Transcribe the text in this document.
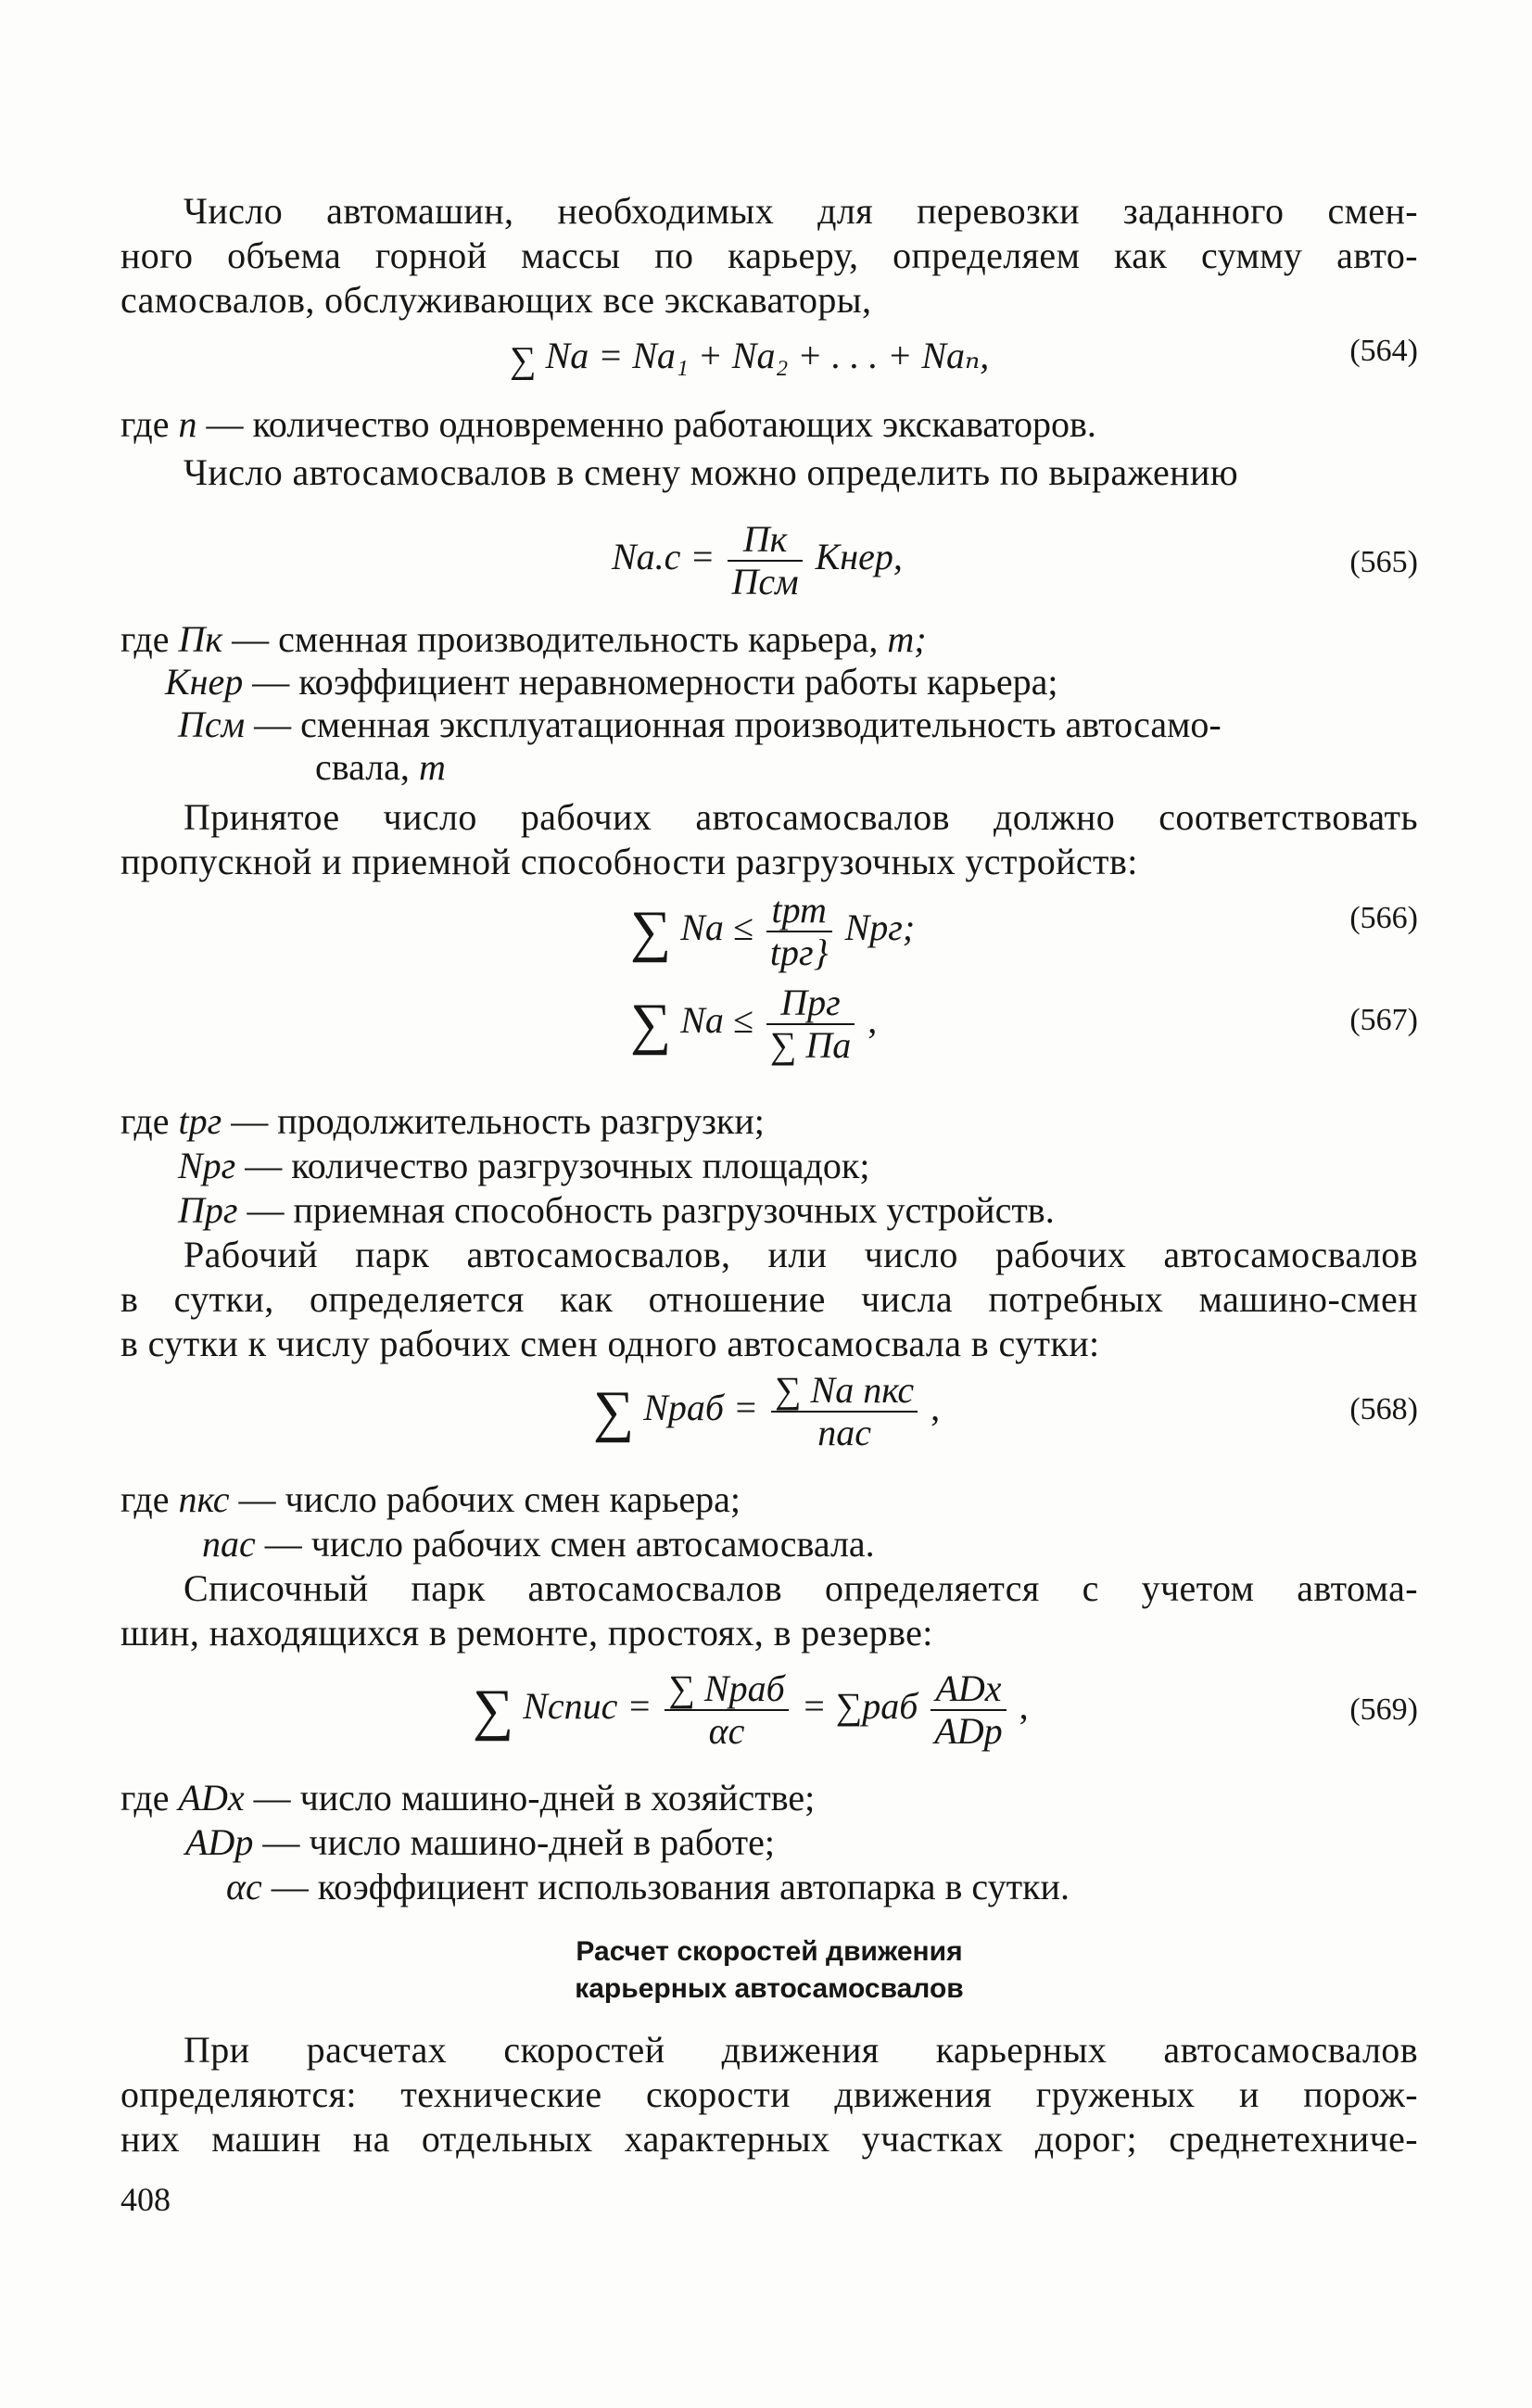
Число автомашин, необходимых для перевозки заданного смен-
ного объема горной массы по карьеру, определяем как сумму авто-
самосвалов, обслуживающих все экскаваторы,
∑ Nа = Nа₁ + Nа₂ + . . . + Nаₙ,	(564)
где n — количество одновременно работающих экскаваторов.
Число автосамосвалов в смену можно определить по выражению
$Nа.с = \frac{Пк}{\text{Псм}}$ Kнер,	(565)
где Пк — сменная производительность карьера, т;
Kнер — коэффициент неравномерности работы карьера;
Псм — сменная эксплуатационная производительность автосамо-
свала, т
Принятое число рабочих автосамосвалов должно соответствовать
пропускной и приемной способности разгрузочных устройств:
∑ Nа ≤ $\frac{\text{tрт}}{\text{tрг\}}}$ Nрг;	(566)
∑ Nа ≤ $\frac{\text{Прг}}{\sum Па}$ ,	(567)
где tрг — продолжительность разгрузки;
Nрг — количество разгрузочных площадок;
Прг — приемная способность разгрузочных устройств.
Рабочий парк автосамосвалов, или число рабочих автосамосвалов
в сутки, определяется как отношение числа потребных машино-смен
в сутки к числу рабочих смен одного автосамосвала в сутки:
∑ Nраб = $\frac{\text{∑ Nа nкс}}{\text{nас}}$ ,	(568)
где nкс — число рабочих смен карьера;
nас — число рабочих смен автосамосвала.
Списочный парк автосамосвалов определяется с учетом автома-
шин, находящихся в ремонте, простоях, в резерве:
∑ Nспис = $\frac{\text{∑ Nраб}}{\alpha с} = \sum раб \frac{\text{ADх}}{\text{ADр}}$ ,	(569)
где ADх — число машино-дней в хозяйстве;
ADр — число машино-дней в работе;
αс — коэффициент использования автопарка в сутки.
Расчет скоростей движения
карьерных автосамосвалов
При расчетах скоростей движения карьерных автосамосвалов
определяются: технические скорости движения груженых и порож-
них машин на отдельных характерных участках дорог; среднетехниче-
408
